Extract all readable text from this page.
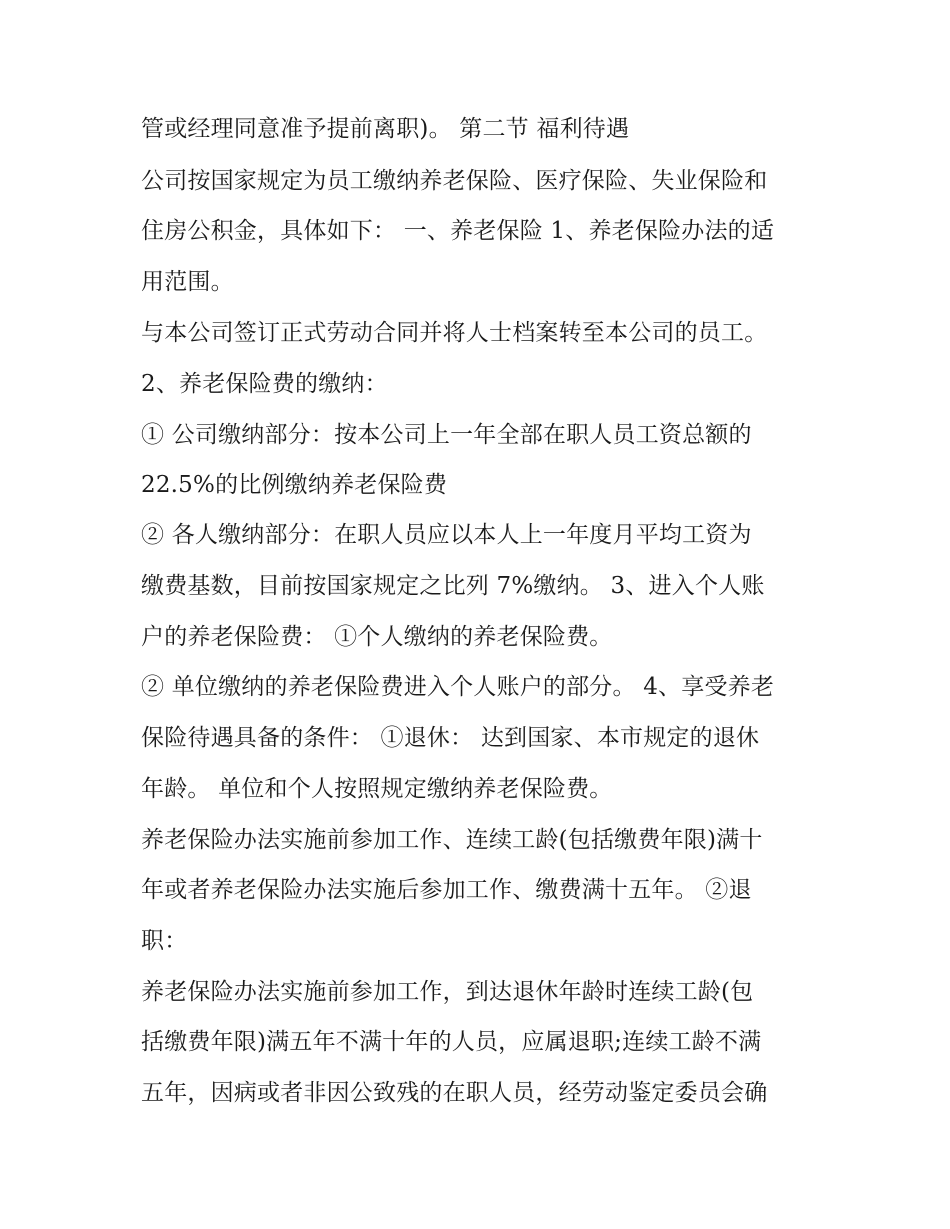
管或经理同意准予提前离职)。 第二节 福利待遇

公司按国家规定为员工缴纳养老保险、医疗保险、失业保险和

住房公积金，具体如下： 一、养老保险 1、养老保险办法的适

用范围。

与本公司签订正式劳动合同并将人士档案转至本公司的员工。

2、养老保险费的缴纳：

① 公司缴纳部分：按本公司上一年全部在职人员工资总额的

22.5%的比例缴纳养老保险费

② 各人缴纳部分：在职人员应以本人上一年度月平均工资为

缴费基数，目前按国家规定之比列 7%缴纳。 3、进入个人账

户的养老保险费： ①个人缴纳的养老保险费。

② 单位缴纳的养老保险费进入个人账户的部分。 4、享受养老

保险待遇具备的条件： ①退休： 达到国家、本市规定的退休

年龄。 单位和个人按照规定缴纳养老保险费。

养老保险办法实施前参加工作、连续工龄(包括缴费年限)满十

年或者养老保险办法实施后参加工作、缴费满十五年。 ②退

职：

养老保险办法实施前参加工作，到达退休年龄时连续工龄(包

括缴费年限)满五年不满十年的人员，应属退职;连续工龄不满

五年，因病或者非因公致残的在职人员，经劳动鉴定委员会确
